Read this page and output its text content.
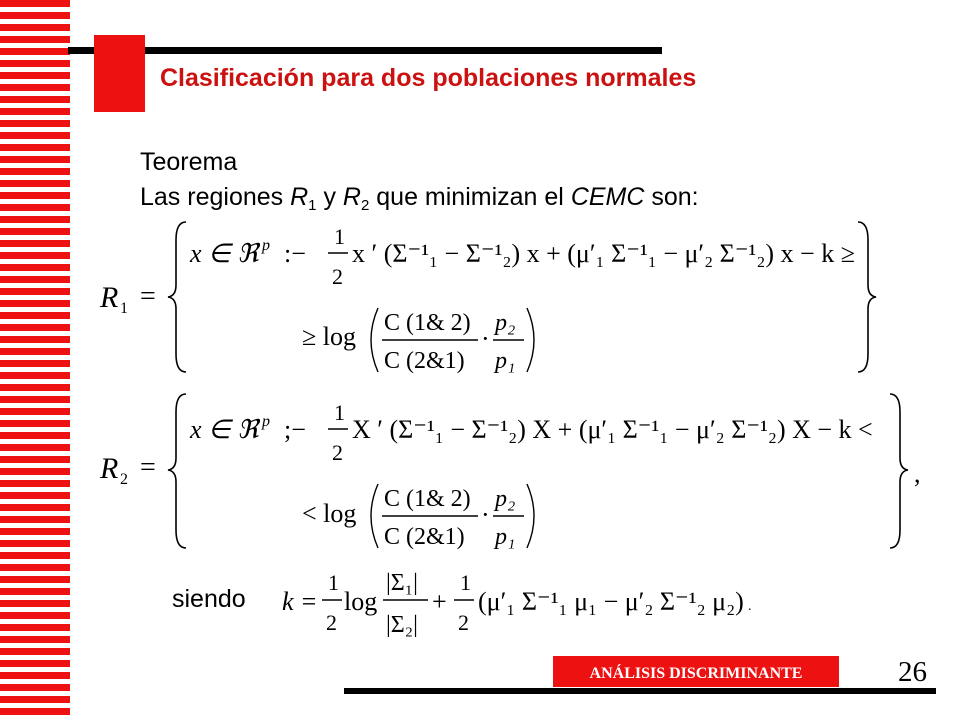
Clasificación para dos poblaciones normales
Teorema
Las regiones $R_1$ y $R_2$ que minimizan el CEMC son:
R 1 =
x ∈ ℜ p :−
1
2
x ′ (Σ⁻¹₁ − Σ⁻¹₂) x + (μ′₁ Σ⁻¹₁ − μ′₂ Σ⁻¹₂) x − k ≥
≥ log C (1& 2)
C (2&1)
·
p₂
p₁
R 2 =	,
x ∈ ℜ p ;−
1
2
X ′ (Σ⁻¹₁ − Σ⁻¹₂) X + (μ′₁ Σ⁻¹₁ − μ′₂ Σ⁻¹₂) X − k <
< log C (1& 2)
C (2&1)
·
p₂
p₁
k =
1
2
log
|Σ₁|
|Σ₂|
+
1
2
(μ′₁ Σ⁻¹₁ μ₁ − μ′₂ Σ⁻¹₂ μ₂) .
siendo
ANÁLISIS DISCRIMINANTE	26
